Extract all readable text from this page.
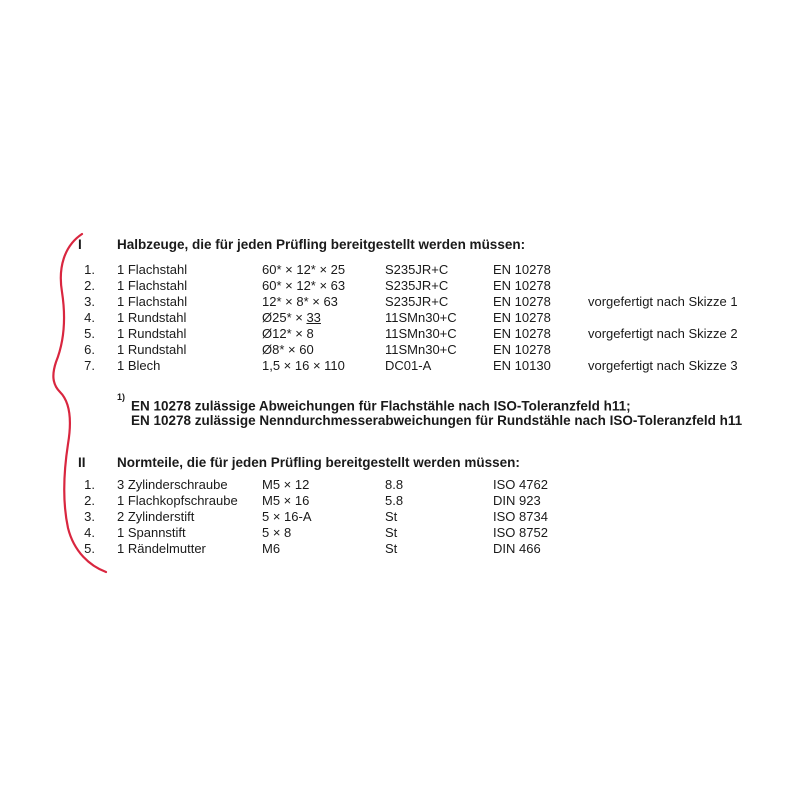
I	Halbzeuge, die für jeden Prüfling bereitgestellt werden müssen:
1. 1 Flachstahl	60* × 12* × 25	S235JR+C	EN 10278
2. 1 Flachstahl	60* × 12* × 63	S235JR+C	EN 10278
3. 1 Flachstahl	12* × 8* × 63	S235JR+C	EN 10278	vorgefertigt nach Skizze 1
4. 1 Rundstahl	Ø25* × 33	11SMn30+C	EN 10278
5. 1 Rundstahl	Ø12* × 8	11SMn30+C	EN 10278	vorgefertigt nach Skizze 2
6. 1 Rundstahl	Ø8* × 60	11SMn30+C	EN 10278
7. 1 Blech	1,5 × 16 × 110	DC01-A	EN 10130	vorgefertigt nach Skizze 3
$^{1)}$EN 10278 zulässige Abweichungen für Flachstähle nach ISO-Toleranzfeld h11;
EN 10278 zulässige Nenndurchmesserabweichungen für Rundstähle nach ISO-Toleranzfeld h11
II Normteile, die für jeden Prüfling bereitgestellt werden müssen:
1. 3 Zylinderschraube	M5 × 12	8.8	ISO 4762
2. 1 Flachkopfschraube M5 × 16	5.8	DIN 923
3. 2 Zylinderstift	5 × 16-A	St	ISO 8734
4. 1 Spannstift	5 × 8	St	ISO 8752
5. 1 Rändelmutter	M6	St	DIN 466
